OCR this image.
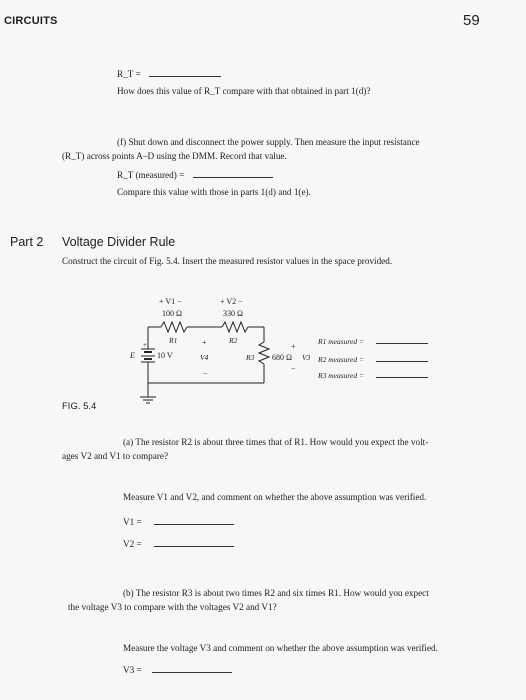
CIRCUITS	59
R_T =
How does this value of R_T compare with that obtained in part 1(d)?
(f) Shut down and disconnect the power supply. Then measure the input resistance
(R_T) across points A–D using the DMM. Record that value.
R_T (measured) =
Compare this value with those in parts 1(d) and 1(e).
Part 2 Voltage Divider Rule
Construct the circuit of Fig. 5.4. Insert the measured resistor values in the space provided.
+ V1 −
100 Ω
R1
+ V2 −
330 Ω
R2
E
+
10 V
+
V4
−
R3 680 Ω
+
V3
−
R1 measured =
R2 measured =
R3 measured =
FIG. 5.4
(a) The resistor R2 is about three times that of R1. How would you expect the volt-
ages V2 and V1 to compare?
Measure V1 and V2, and comment on whether the above assumption was verified.
V1 =
V2 =
(b) The resistor R3 is about two times R2 and six times R1. How would you expect
the voltage V3 to compare with the voltages V2 and V1?
Measure the voltage V3 and comment on whether the above assumption was verified.
V3 =
